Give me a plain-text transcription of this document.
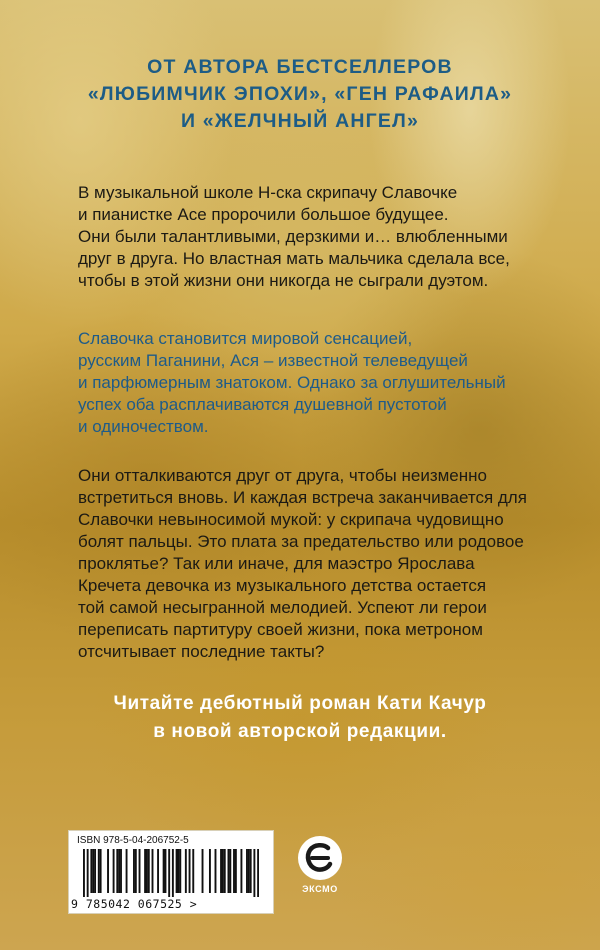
ОТ АВТОРА БЕСТСЕЛЛЕРОВ
«ЛЮБИМЧИК ЭПОХИ», «ГЕН РАФАИЛА»
И «ЖЕЛЧНЫЙ АНГЕЛ»
В музыкальной школе Н-ска скрипачу Славочке
и пианистке Асе пророчили большое будущее.
Они были талантливыми, дерзкими и… влюбленными
друг в друга. Но властная мать мальчика сделала все,
чтобы в этой жизни они никогда не сыграли дуэтом.
Славочка становится мировой сенсацией,
русским Паганини, Ася – известной телеведущей
и парфюмерным знатоком. Однако за оглушительный
успех оба расплачиваются душевной пустотой
и одиночеством.
Они отталкиваются друг от друга, чтобы неизменно
встретиться вновь. И каждая встреча заканчивается для
Славочки невыносимой мукой: у скрипача чудовищно
болят пальцы. Это плата за предательство или родовое
проклятье? Так или иначе, для маэстро Ярослава
Кречета девочка из музыкального детства остается
той самой несыгранной мелодией. Успеют ли герои
переписать партитуру своей жизни, пока метроном
отсчитывает последние такты?
Читайте дебютный роман Кати Качур
в новой авторской редакции.
ISBN 978-5-04-206752-5
9 785042 067525 >
ЭКСМО
